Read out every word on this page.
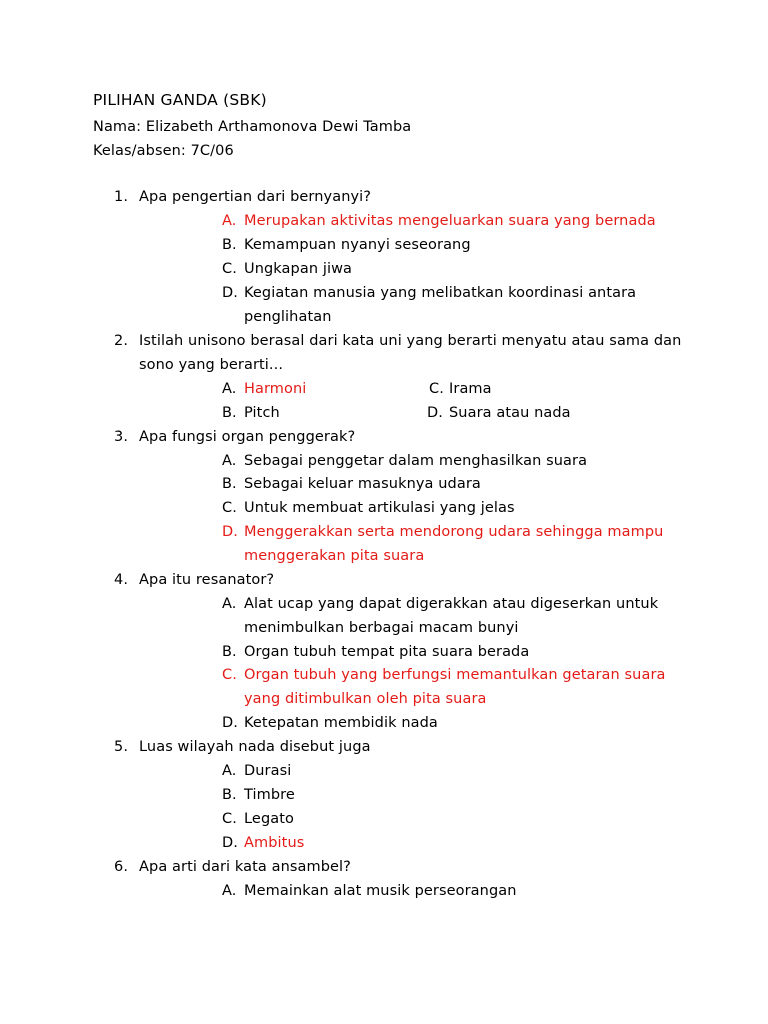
PILIHAN GANDA (SBK)
Nama: Elizabeth Arthamonova Dewi Tamba
Kelas/absen: 7C/06
1. Apa pengertian dari bernyanyi?
A. Merupakan aktivitas mengeluarkan suara yang bernada
B. Kemampuan nyanyi seseorang
C. Ungkapan jiwa
D. Kegiatan manusia yang melibatkan koordinasi antara
penglihatan
2. Istilah unisono berasal dari kata uni yang berarti menyatu atau sama dan
sono yang berarti...
A. Harmoni	C. Irama
B. Pitch	D. Suara atau nada
3. Apa fungsi organ penggerak?
A. Sebagai penggetar dalam menghasilkan suara
B. Sebagai keluar masuknya udara
C. Untuk membuat artikulasi yang jelas
D. Menggerakkan serta mendorong udara sehingga mampu
menggerakan pita suara
4. Apa itu resanator?
A. Alat ucap yang dapat digerakkan atau digeserkan untuk
menimbulkan berbagai macam bunyi
B. Organ tubuh tempat pita suara berada
C. Organ tubuh yang berfungsi memantulkan getaran suara
yang ditimbulkan oleh pita suara
D. Ketepatan membidik nada
5. Luas wilayah nada disebut juga
A. Durasi
B. Timbre
C. Legato
D. Ambitus
6. Apa arti dari kata ansambel?
A. Memainkan alat musik perseorangan
